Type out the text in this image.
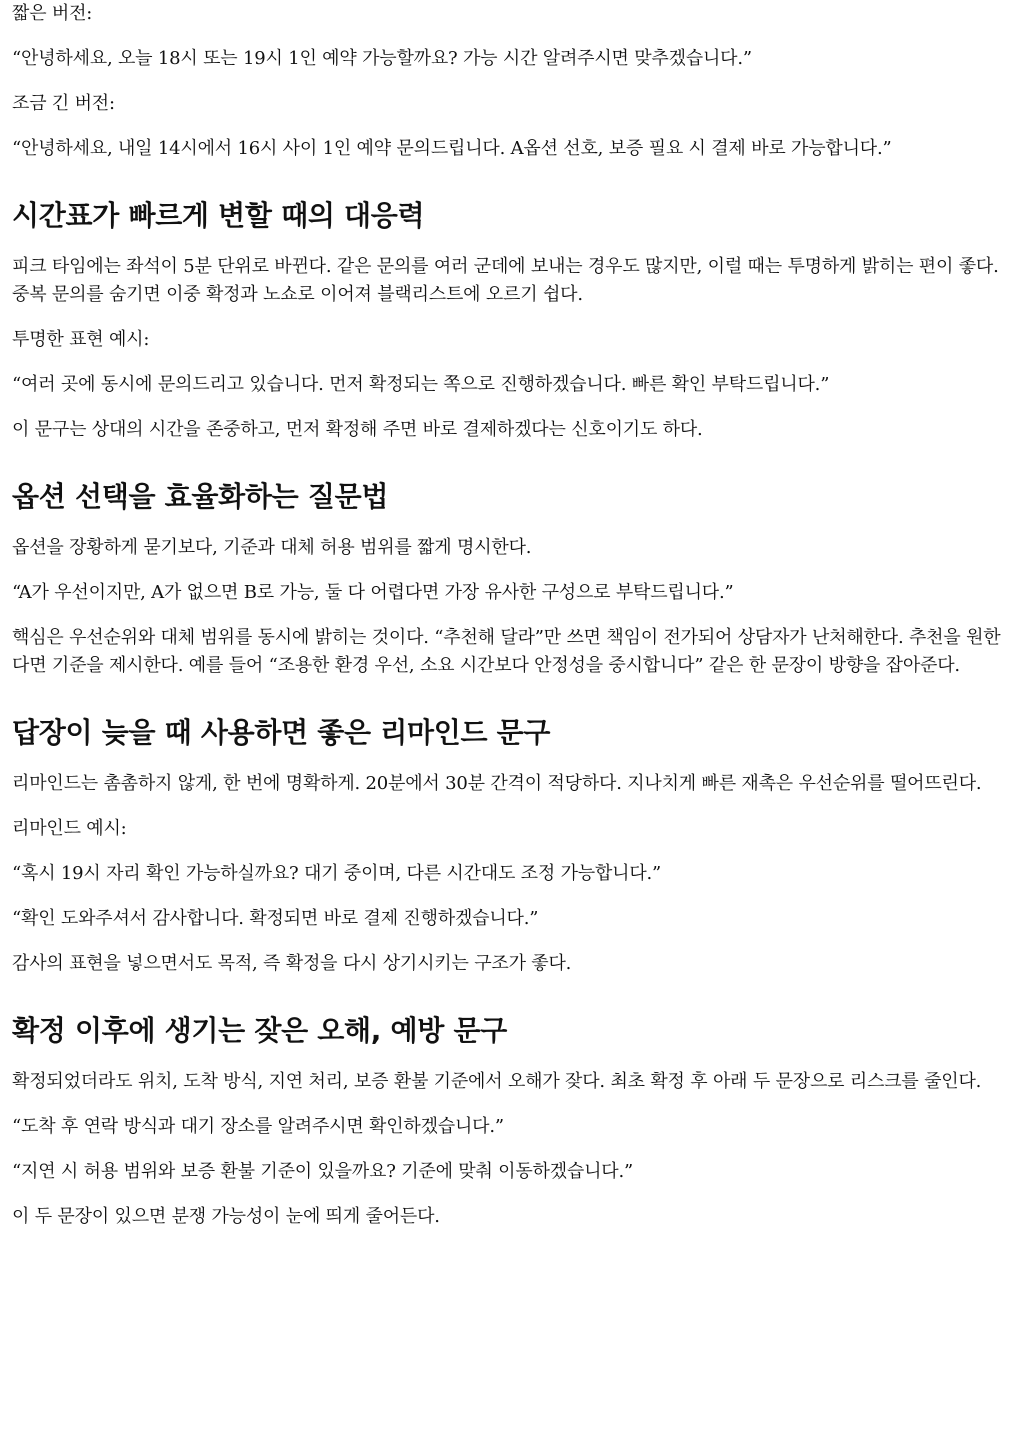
짧은 버전:

“안녕하세요, 오늘 18시 또는 19시 1인 예약 가능할까요? 가능 시간 알려주시면 맞추겠습니다.”

조금 긴 버전:

“안녕하세요, 내일 14시에서 16시 사이 1인 예약 문의드립니다. A옵션 선호, 보증 필요 시 결제 바로 가능합니다.”

시간표가 빠르게 변할 때의 대응력

피크 타임에는 좌석이 5분 단위로 바뀐다. 같은 문의를 여러 군데에 보내는 경우도 많지만, 이럴 때는 투명하게 밝히는 편이 좋다. 중복 문의를 숨기면 이중 확정과 노쇼로 이어져 블랙리스트에 오르기 쉽다.

투명한 표현 예시:

“여러 곳에 동시에 문의드리고 있습니다. 먼저 확정되는 쪽으로 진행하겠습니다. 빠른 확인 부탁드립니다.”

이 문구는 상대의 시간을 존중하고, 먼저 확정해 주면 바로 결제하겠다는 신호이기도 하다.

옵션 선택을 효율화하는 질문법

옵션을 장황하게 묻기보다, 기준과 대체 허용 범위를 짧게 명시한다.

“A가 우선이지만, A가 없으면 B로 가능, 둘 다 어렵다면 가장 유사한 구성으로 부탁드립니다.”

핵심은 우선순위와 대체 범위를 동시에 밝히는 것이다. “추천해 달라”만 쓰면 책임이 전가되어 상담자가 난처해한다. 추천을 원한다면 기준을 제시한다. 예를 들어 “조용한 환경 우선, 소요 시간보다 안정성을 중시합니다” 같은 한 문장이 방향을 잡아준다.

답장이 늦을 때 사용하면 좋은 리마인드 문구

리마인드는 촘촘하지 않게, 한 번에 명확하게. 20분에서 30분 간격이 적당하다. 지나치게 빠른 재촉은 우선순위를 떨어뜨린다.

리마인드 예시:

“혹시 19시 자리 확인 가능하실까요? 대기 중이며, 다른 시간대도 조정 가능합니다.”

“확인 도와주셔서 감사합니다. 확정되면 바로 결제 진행하겠습니다.”

감사의 표현을 넣으면서도 목적, 즉 확정을 다시 상기시키는 구조가 좋다.

확정 이후에 생기는 잦은 오해, 예방 문구

확정되었더라도 위치, 도착 방식, 지연 처리, 보증 환불 기준에서 오해가 잦다. 최초 확정 후 아래 두 문장으로 리스크를 줄인다.

“도착 후 연락 방식과 대기 장소를 알려주시면 확인하겠습니다.”

“지연 시 허용 범위와 보증 환불 기준이 있을까요? 기준에 맞춰 이동하겠습니다.”

이 두 문장이 있으면 분쟁 가능성이 눈에 띄게 줄어든다.
